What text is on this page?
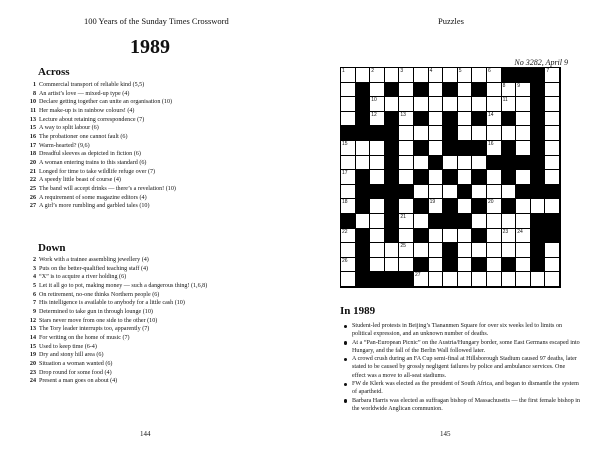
100 Years of the Sunday Times Crossword
1989
Across
1 Commercial transport of reliable kind (5,5)
8 An artist’s love — mixed-up type (4)
10 Declare getting together can unite an organisation (10)
11 Her make-up is in rainbow colours! (4)
13 Lecture about retaining correspondence (7)
15 A way to split labour (6)
16 The probationer one cannot fault (6)
17 Warm-hearted? (9,6)
18 Dreadful sleeves as depicted in fiction (6)
20 A woman entering trains to this standard (6)
21 Longed for time to take wildlife refuge over (7)
22 A speedy little beast of course (4)
25 The band will accept drinks — there’s a revelation! (10)
26 A requirement of some magazine editors (4)
27 A girl’s more rumbling and garbled tales (10)
Down
2 Work with a trainee assembling jewellery (4)
3 Puts on the better-qualified teaching staff (4)
4 “X” is to acquire a river holding (6)
5 Let it all go to pot, making money — such a dangerous thing! (1,6,8)
6 On retirement, no-one thinks Northern people (6)
7 His intelligence is available to anybody for a little cash (10)
9 Determined to take gun in through lounge (10)
12 Stars never move from one side to the other (10)
13 The Tory leader interrupts too, apparently (7)
14 For writing on the home of music (7)
15 Used to keep time (6-4)
19 Dry and stony hill area (6)
20 Situation a woman wanted (6)
23 Drop round for some food (4)
24 Present a man goes on about (4)
144
Puzzles
No 3282, April 9
1	2	3	4	5	6	7
8 9
10	11
12	13	14
15	16
17
18	19	20
21
22	23 24
25
26
27
In 1989
Student-led protests in Beijing’s Tiananmen Square for over six weeks led to limits on political expression, and an unknown number of deaths.
At a “Pan-European Picnic” on the Austria/Hungary border, some East Germans escaped into Hungary, and the fall of the Berlin Wall followed later.
A crowd crush during an FA Cup semi-final at Hillsborough Stadium caused 97 deaths, later stated to be caused by grossly negligent failures by police and ambulance services. One effect was a move to all-seat stadiums.
FW de Klerk was elected as the president of South Africa, and began to dismantle the system of apartheid.
Barbara Harris was elected as suffragan bishop of Massachusetts — the first female bishop in the worldwide Anglican communion.
145
